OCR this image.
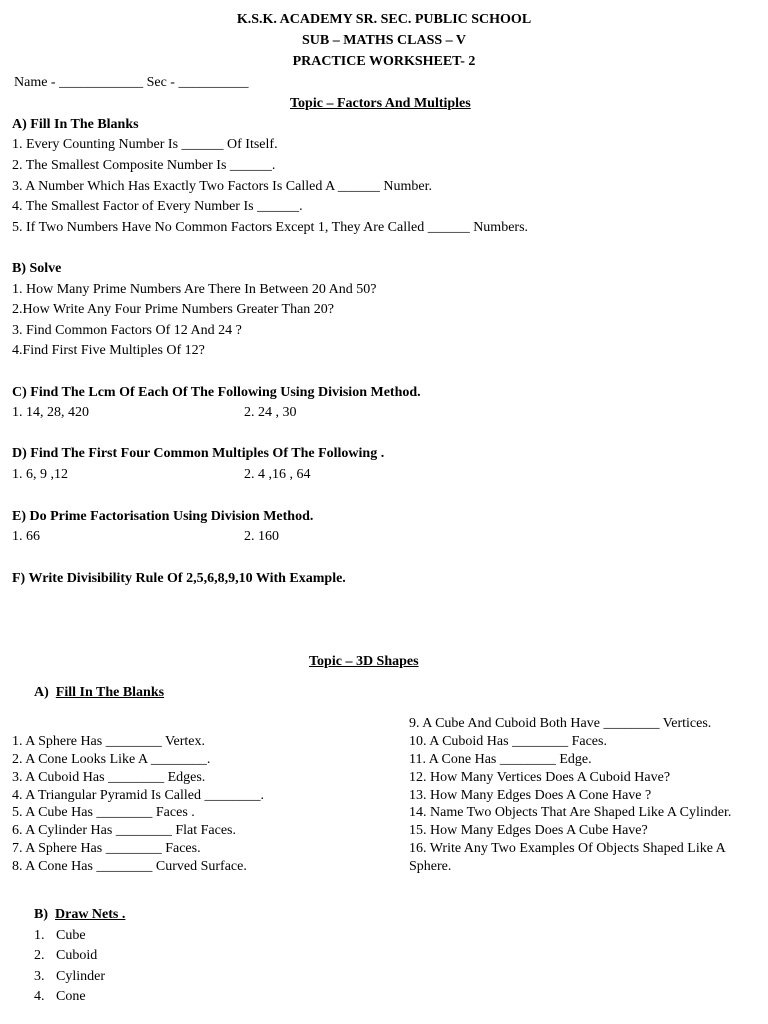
K.S.K. ACADEMY SR. SEC. PUBLIC SCHOOL
SUB – MATHS CLASS – V
PRACTICE WORKSHEET- 2
Name - ____________ Sec - __________
Topic – Factors And Multiples
A) Fill In The Blanks
1. Every Counting Number Is ______ Of Itself.
2. The Smallest Composite Number Is ______.
3. A Number Which Has Exactly Two Factors Is Called A ______ Number.
4. The Smallest Factor of Every Number Is ______.
5. If Two Numbers Have No Common Factors Except 1, They Are Called ______ Numbers.
B) Solve
1. How Many Prime Numbers Are There In Between 20 And 50?
2.How Write Any Four Prime Numbers Greater Than 20?
3. Find Common Factors Of 12 And 24 ?
4.Find First Five Multiples Of 12?
C) Find The Lcm Of Each Of The Following Using Division Method.
1. 14, 28, 420	2. 24 , 30
D) Find The First Four Common Multiples Of The Following .
1. 6, 9 ,12	2. 4 ,16 , 64
E) Do Prime Factorisation Using Division Method.
1. 66	2. 160
F) Write Divisibility Rule Of 2,5,6,8,9,10 With Example.
Topic – 3D Shapes
A) Fill In The Blanks
1. A Sphere Has ________ Vertex.
2. A Cone Looks Like A ________.
3. A Cuboid Has ________ Edges.
4. A Triangular Pyramid Is Called ________.
5. A Cube Has ________ Faces .
6. A Cylinder Has ________ Flat Faces.
7. A Sphere Has ________ Faces.
8. A Cone Has ________ Curved Surface.
9. A Cube And Cuboid Both Have ________ Vertices.
10. A Cuboid Has ________ Faces.
11. A Cone Has ________ Edge.
12. How Many Vertices Does A Cuboid Have?
13. How Many Edges Does A Cone Have ?
14. Name Two Objects That Are Shaped Like A Cylinder.
15. How Many Edges Does A Cube Have?
16. Write Any Two Examples Of Objects Shaped Like A
Sphere.
B) Draw Nets .
1. Cube
2. Cuboid
3. Cylinder
4. Cone
